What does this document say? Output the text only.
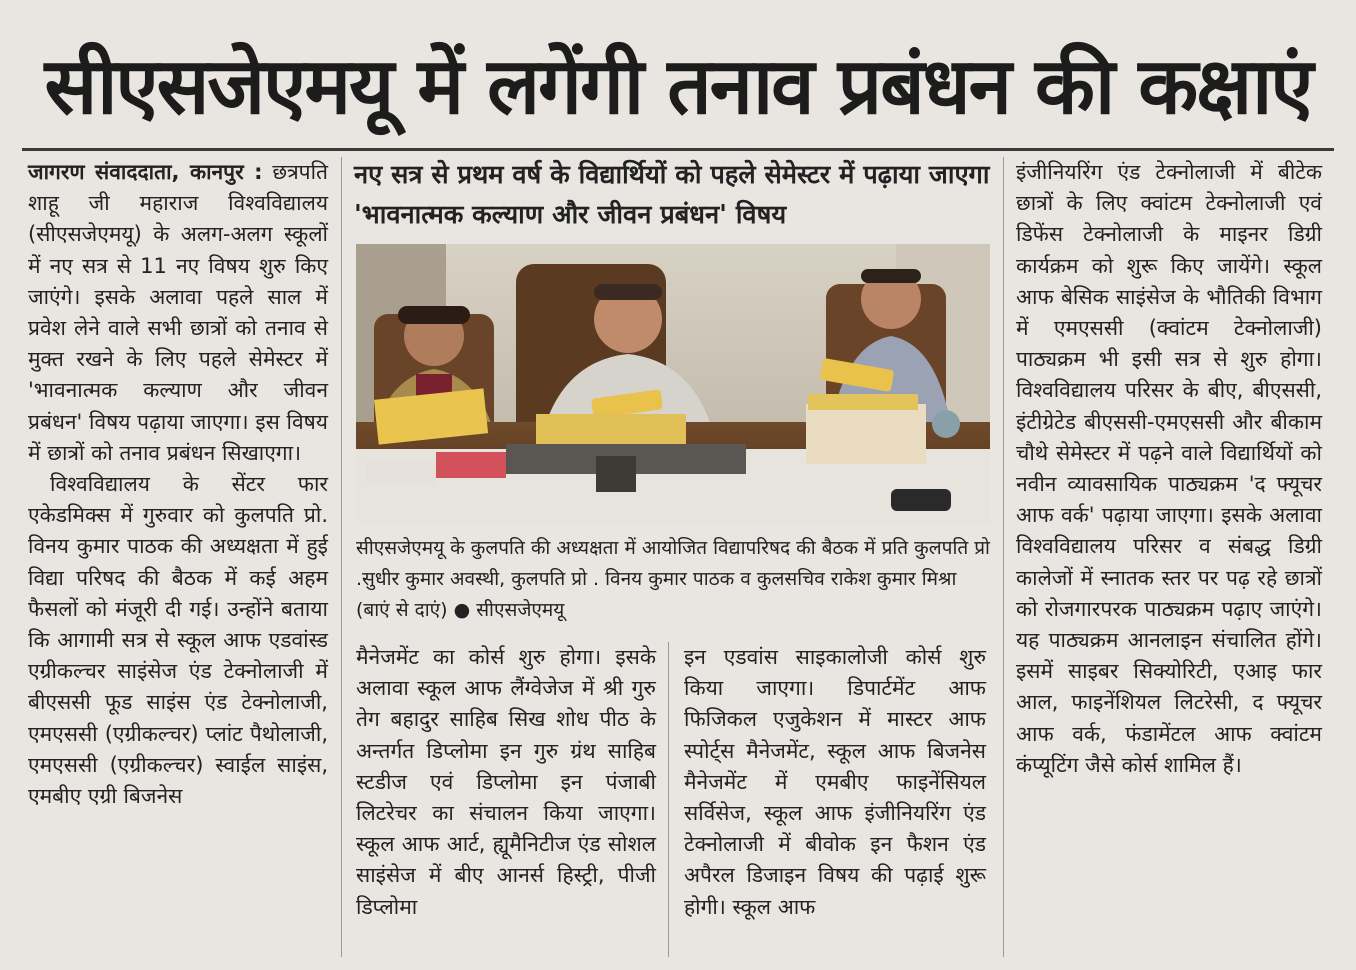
सीएसजेएमयू में लगेंगी तनाव प्रबंधन की कक्षाएं

जागरण संवाददाता, कानपुर : छत्रपति शाहू जी महाराज विश्वविद्यालय (सीएसजेएमयू) के अलग-अलग स्कूलों में नए सत्र से 11 नए विषय शुरु किए जाएंगे। इसके अलावा पहले साल में प्रवेश लेने वाले सभी छात्रों को तनाव से मुक्त रखने के लिए पहले सेमेस्टर में 'भावनात्मक कल्याण और जीवन प्रबंधन' विषय पढ़ाया जाएगा। इस विषय में छात्रों को तनाव प्रबंधन सिखाएगा।

विश्वविद्यालय के सेंटर फार एकेडमिक्स में गुरुवार को कुलपति प्रो. विनय कुमार पाठक की अध्यक्षता में हुई विद्या परिषद की बैठक में कई अहम फैसलों को मंजूरी दी गई। उन्होंने बताया कि आगामी सत्र से स्कूल आफ एडवांस्ड एग्रीकल्चर साइंसेज एंड टेक्नोलाजी में बीएससी फूड साइंस एंड टेक्नोलाजी, एमएससी (एग्रीकल्चर) प्लांट पैथोलाजी, एमएससी (एग्रीकल्चर) स्वाईल साइंस, एमबीए एग्री बिजनेस

नए सत्र से प्रथम वर्ष के विद्यार्थियों को पहले सेमेस्टर में पढ़ाया जाएगा 'भावनात्मक कल्याण और जीवन प्रबंधन' विषय
सीएसजेएमयू के कुलपति की अध्यक्षता में आयोजित विद्यापरिषद की बैठक में प्रति कुलपति प्रो .सुधीर कुमार अवस्थी, कुलपति प्रो . विनय कुमार पाठक व कुलसचिव राकेश कुमार मिश्रा (बाएं से दाएं) ● सीएसजेएमयू

मैनेजमेंट का कोर्स शुरु होगा। इसके अलावा स्कूल आफ लैंग्वेजेज में श्री गुरु तेग बहादुर साहिब सिख शोध पीठ के अन्तर्गत डिप्लोमा इन गुरु ग्रंथ साहिब स्टडीज एवं डिप्लोमा इन पंजाबी लिटरेचर का संचालन किया जाएगा। स्कूल आफ आर्ट, ह्यूमैनिटीज एंड सोशल साइंसेज में बीए आनर्स हिस्ट्री, पीजी डिप्लोमा

इन एडवांस साइकालोजी कोर्स शुरु किया जाएगा। डिपार्टमेंट आफ फिजिकल एजुकेशन में मास्टर आफ स्पोर्ट्स मैनेजमेंट, स्कूल आफ बिजनेस मैनेजमेंट में एमबीए फाइनेंसियल सर्विसेज, स्कूल आफ इंजीनियरिंग एंड टेक्नोलाजी में बीवोक इन फैशन एंड अपैरल डिजाइन विषय की पढ़ाई शुरू होगी। स्कूल आफ

इंजीनियरिंग एंड टेक्नोलाजी में बीटेक छात्रों के लिए क्वांटम टेक्नोलाजी एवं डिफेंस टेक्नोलाजी के माइनर डिग्री कार्यक्रम को शुरू किए जायेंगे। स्कूल आफ बेसिक साइंसेज के भौतिकी विभाग में एमएससी (क्वांटम टेक्नोलाजी) पाठ्यक्रम भी इसी सत्र से शुरु होगा। विश्वविद्यालय परिसर के बीए, बीएससी, इंटीग्रेटेड बीएससी-एमएससी और बीकाम चौथे सेमेस्टर में पढ़ने वाले विद्यार्थियों को नवीन व्यावसायिक पाठ्यक्रम 'द फ्यूचर आफ वर्क' पढ़ाया जाएगा। इसके अलावा विश्वविद्यालय परिसर व संबद्ध डिग्री कालेजों में स्नातक स्तर पर पढ़ रहे छात्रों को रोजगारपरक पाठ्यक्रम पढ़ाए जाएंगे। यह पाठ्यक्रम आनलाइन संचालित होंगे। इसमें साइबर सिक्योरिटी, एआइ फार आल, फाइनेंशियल लिटरेसी, द फ्यूचर आफ वर्क, फंडामेंटल आफ क्वांटम कंप्यूटिंग जैसे कोर्स शामिल हैं।
